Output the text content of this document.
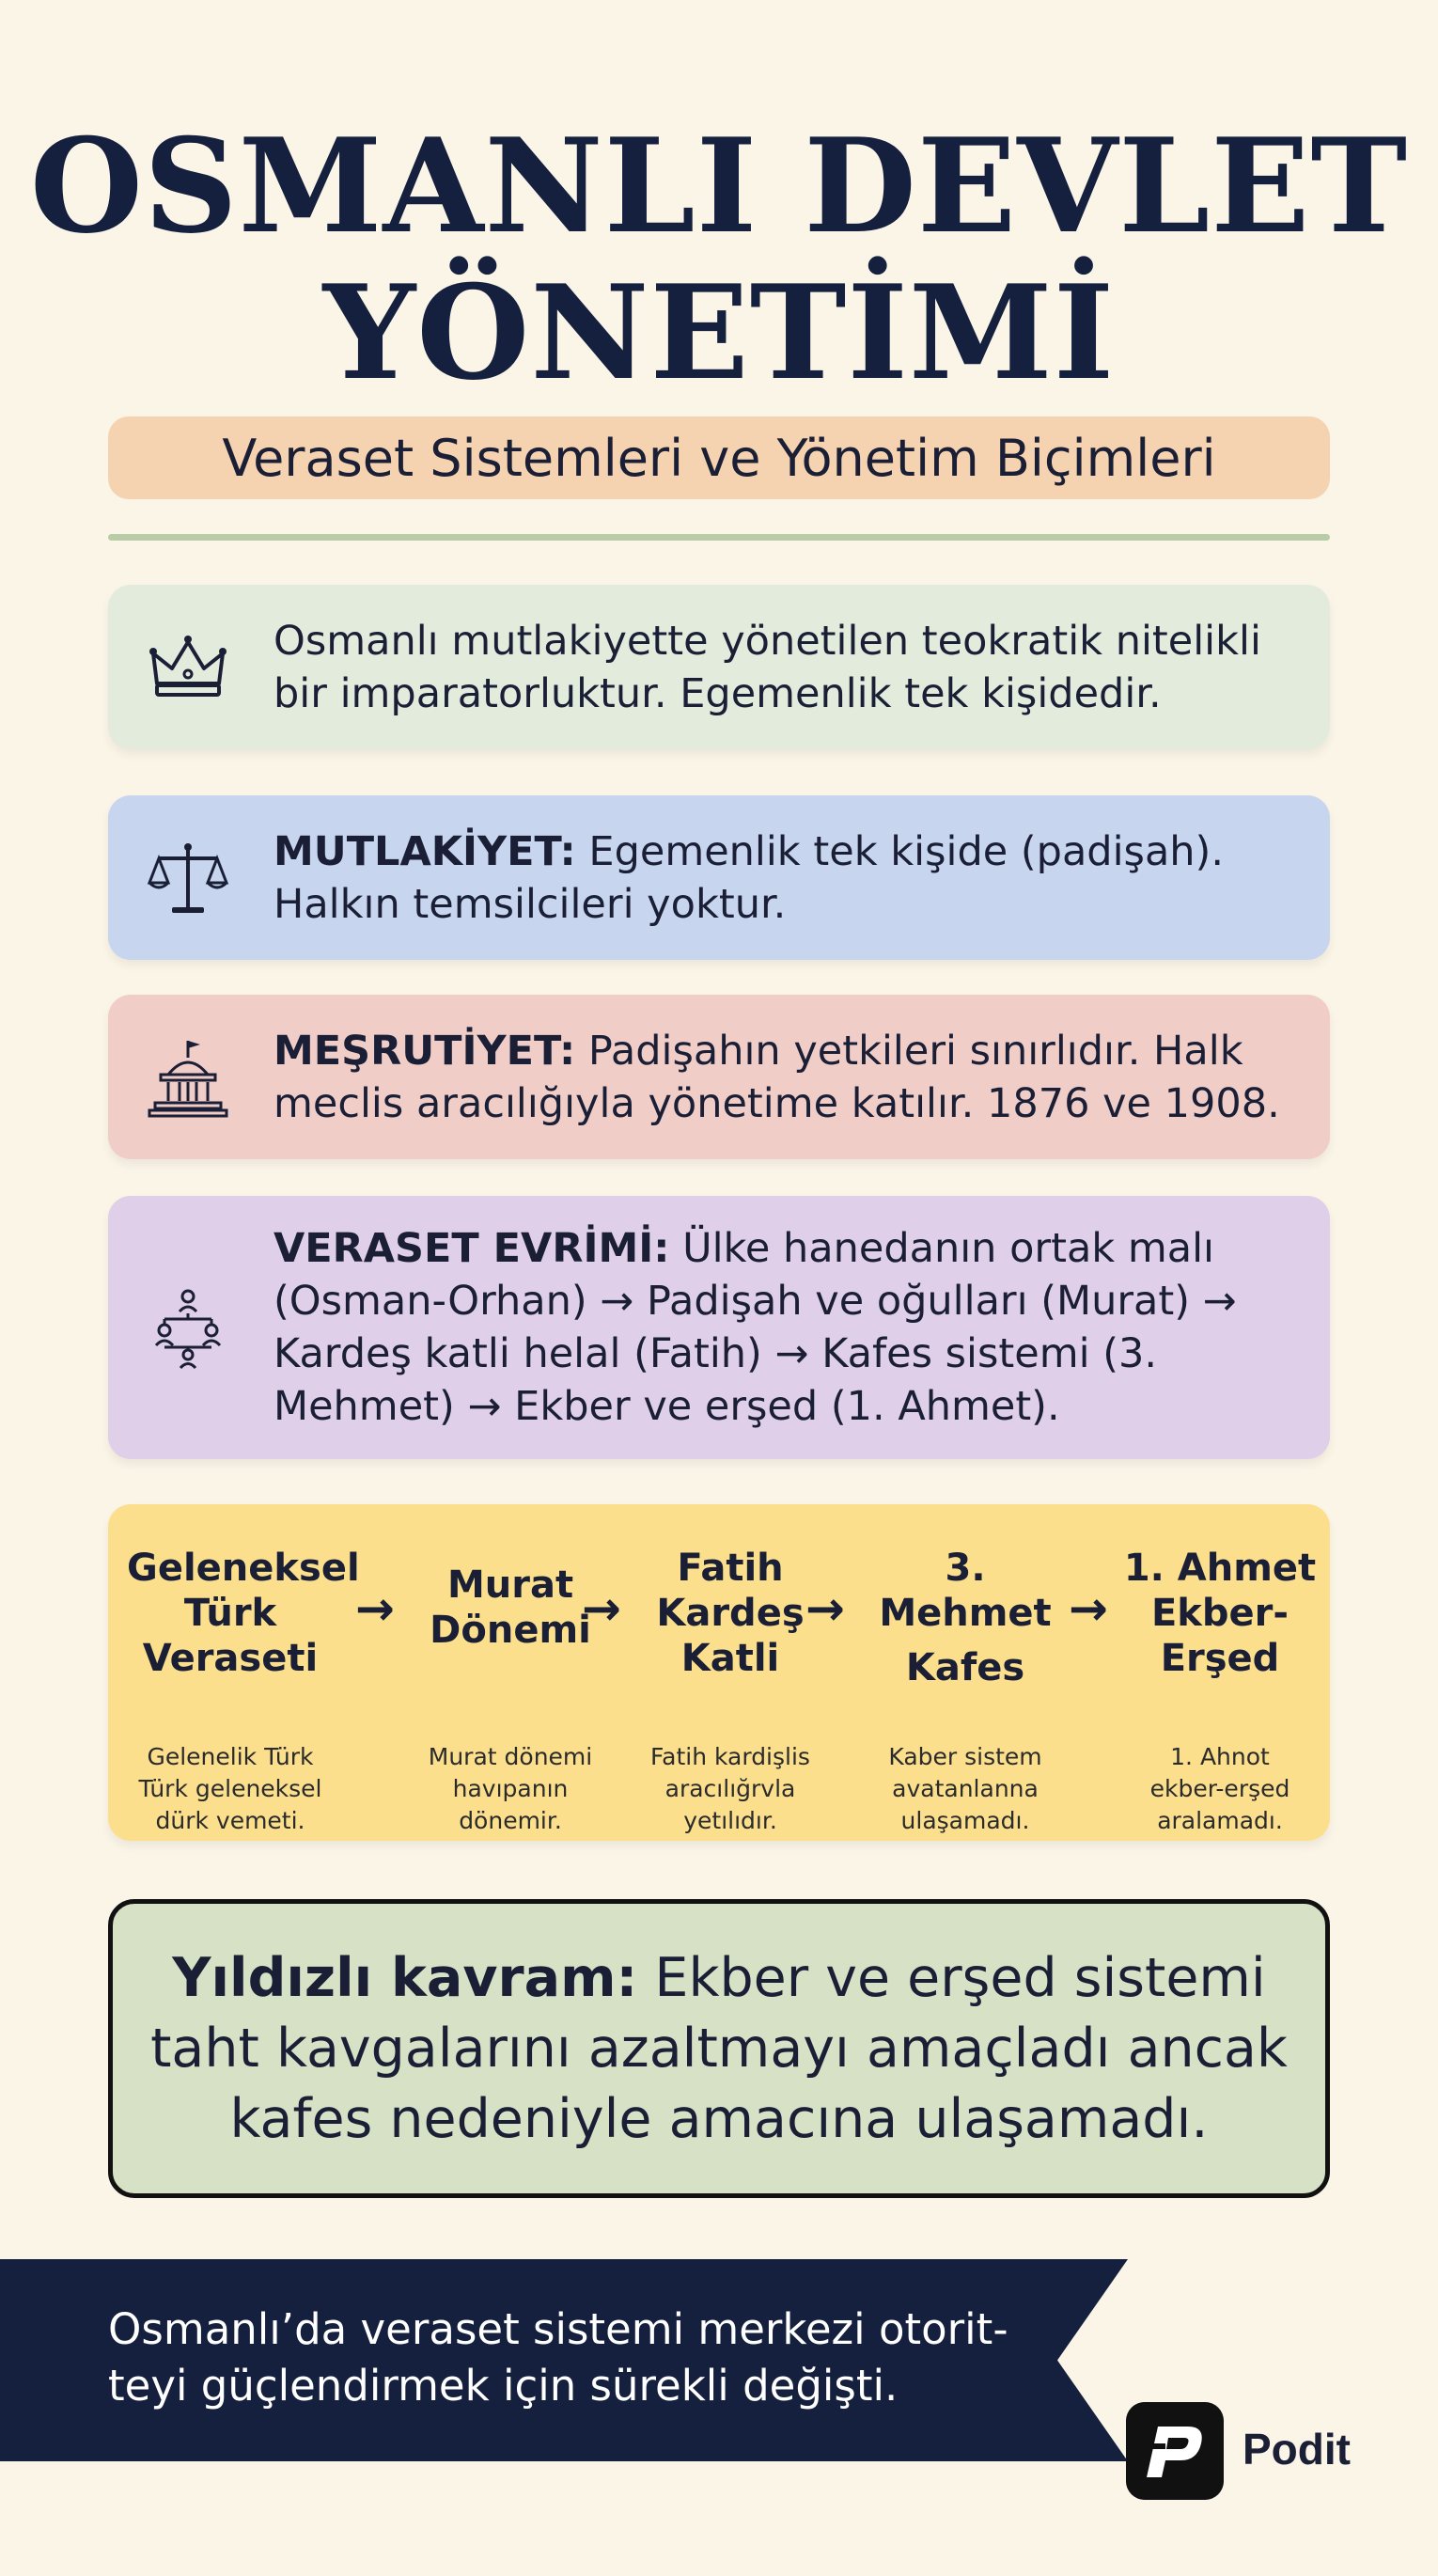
OSMANLI DEVLET
YÖNETİMİ
Veraset Sistemleri ve Yönetim Biçimleri
Osmanlı mutlakiyette yönetilen teokratik nitelikli bir imparatorluktur. Egemenlik tek kişidedir.
MUTLAKİYET: Egemenlik tek kişide (padişah). Halkın temsilcileri yoktur.
MEŞRUTİYET: Padişahın yetkileri sınırlıdır. Halk meclis aracılığıyla yönetime katılır. 1876 ve 1908.
VERASET EVRİMİ: Ülke hanedanın ortak malı (Osman-Orhan) → Padişah ve oğulları (Murat) → Kardeş katli helal (Fatih) → Kafes sistemi (3. Mehmet) → Ekber ve erşed (1. Ahmet).
Geleneksel
Türk
Veraseti
Gelenelik Türk
Türk geleneksel
dürk vemeti.
→	Murat
Dönemi
Murat dönemi
havıpanın
dönemir.
→
Fatih
Kardeş
Katli
Fatih kardişlis
aracılığrvla
yetılıdır.
→
3. Mehmet
Kafes
Kaber sistem
avatanlanna
ulaşamadı.
→
1. Ahmet
Ekber-
Erşed
1. Ahnot
ekber-erşed
aralamadı.
Yıldızlı kavram: Ekber ve erşed sistemi taht kavgalarını azaltmayı amaçladı ancak kafes nedeniyle amacına ulaşamadı.
Osmanlı’da veraset sistemi merkezi otorit-
teyi güçlendirmek için sürekli değişti.
Podit
